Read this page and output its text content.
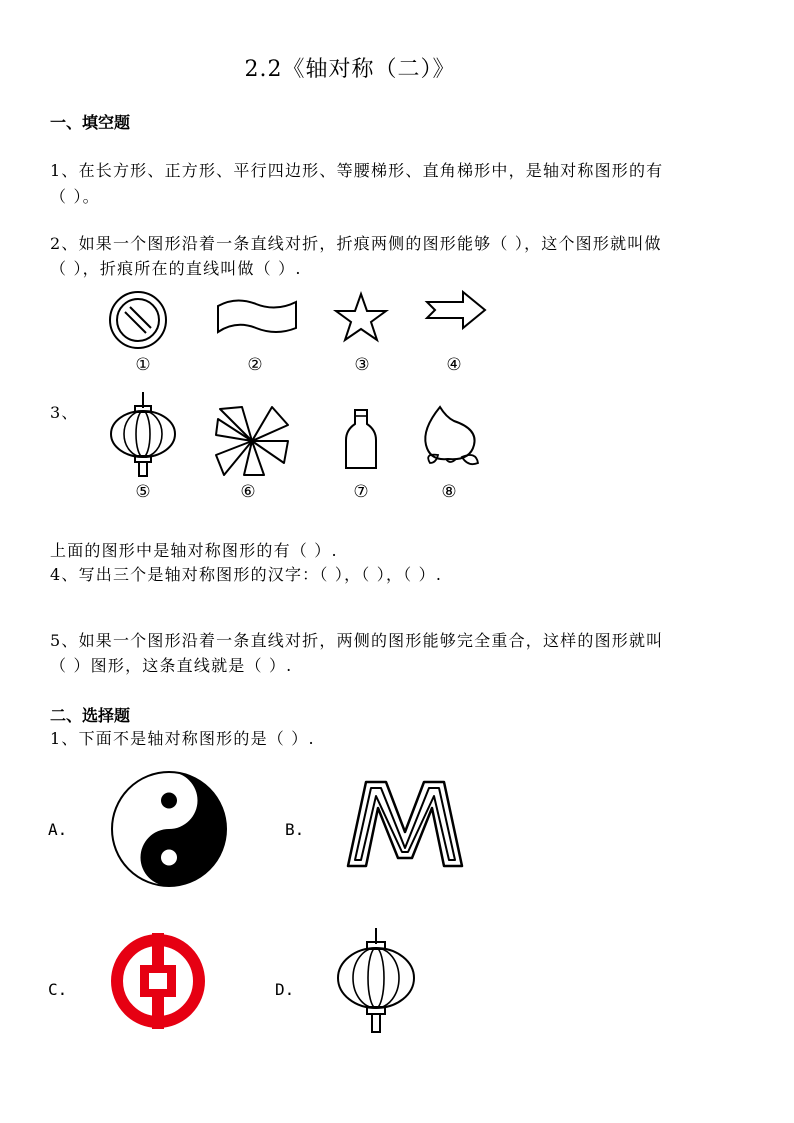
2.2《轴对称（二）》
一、填空题
1、在长方形、正方形、平行四边形、等腰梯形、直角梯形中，是轴对称图形的有
（ ）。
2、如果一个图形沿着一条直线对折，折痕两侧的图形能够（ ），这个图形就叫做
（ ），折痕所在的直线叫做（ ）.
①	②	③	④
3、
⑤	⑥	⑦	⑧
上面的图形中是轴对称图形的有（ ）.
4、写出三个是轴对称图形的汉字：（ ），（ ），（ ）.
5、如果一个图形沿着一条直线对折，两侧的图形能够完全重合，这样的图形就叫
（ ）图形，这条直线就是（ ）.
二、选择题
1、下面不是轴对称图形的是（ ）.
A.	B.
C.	D.
